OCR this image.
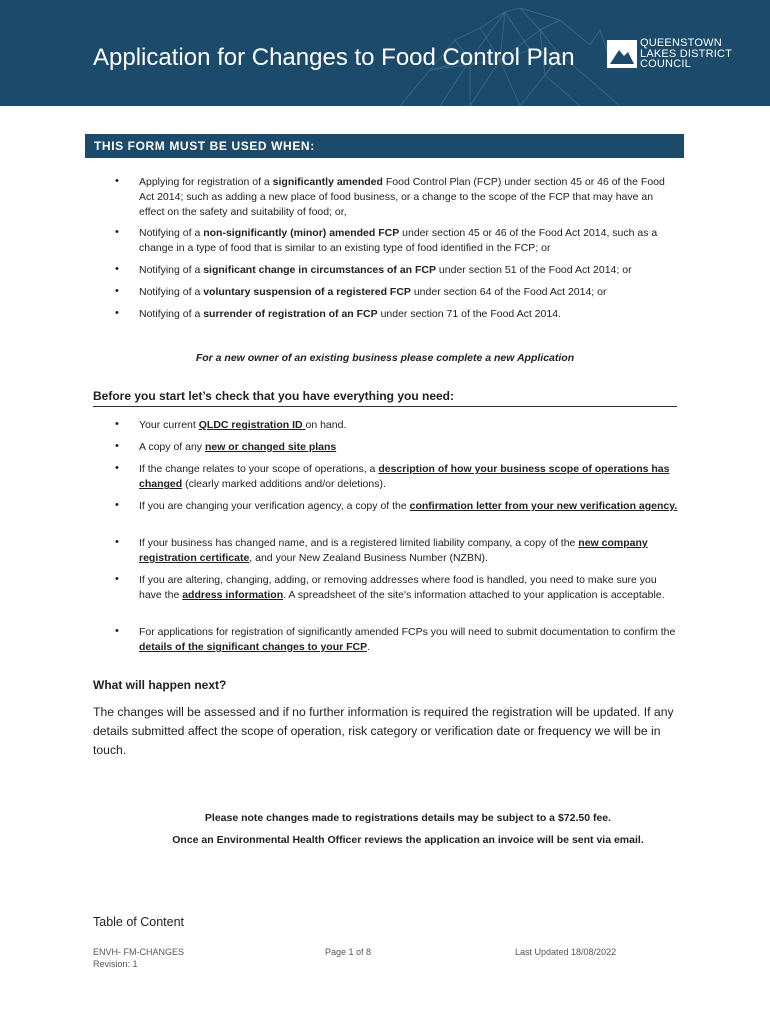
Application for Changes to Food Control Plan
QUEENSTOWN
LAKES DISTRICT
COUNCIL
THIS FORM MUST BE USED WHEN:
• Applying for registration of a significantly amended Food Control Plan (FCP) under section 45 or 46 of the Food Act 2014; such as adding a new place of food business, or a change to the scope of the FCP that may have an effect on the safety and suitability of food; or,
• Notifying of a non-significantly (minor) amended FCP under section 45 or 46 of the Food Act 2014, such as a change in a type of food that is similar to an existing type of food identified in the FCP; or
• Notifying of a significant change in circumstances of an FCP under section 51 of the Food Act 2014; or
• Notifying of a voluntary suspension of a registered FCP under section 64 of the Food Act 2014; or
• Notifying of a surrender of registration of an FCP under section 71 of the Food Act 2014.
For a new owner of an existing business please complete a new Application
Before you start let’s check that you have everything you need:
• Your current QLDC registration ID on hand.
• A copy of any new or changed site plans
• If the change relates to your scope of operations, a description of how your business scope of operations has changed (clearly marked additions and/or deletions).
• If you are changing your verification agency, a copy of the confirmation letter from your new verification agency.
• If your business has changed name, and is a registered limited liability company, a copy of the new company registration certificate, and your New Zealand Business Number (NZBN).
• If you are altering, changing, adding, or removing addresses where food is handled, you need to make sure you have the address information. A spreadsheet of the site's information attached to your application is acceptable.
• For applications for registration of significantly amended FCPs you will need to submit documentation to confirm the details of the significant changes to your FCP.
What will happen next?
The changes will be assessed and if no further information is required the registration will be updated. If any details submitted affect the scope of operation, risk category or verification date or frequency we will be in touch.
Please note changes made to registrations details may be subject to a $72.50 fee.
Once an Environmental Health Officer reviews the application an invoice will be sent via email.
Table of Content
ENVH- FM-CHANGES
Revision: 1
Page 1 of 8	Last Updated 18/08/2022
